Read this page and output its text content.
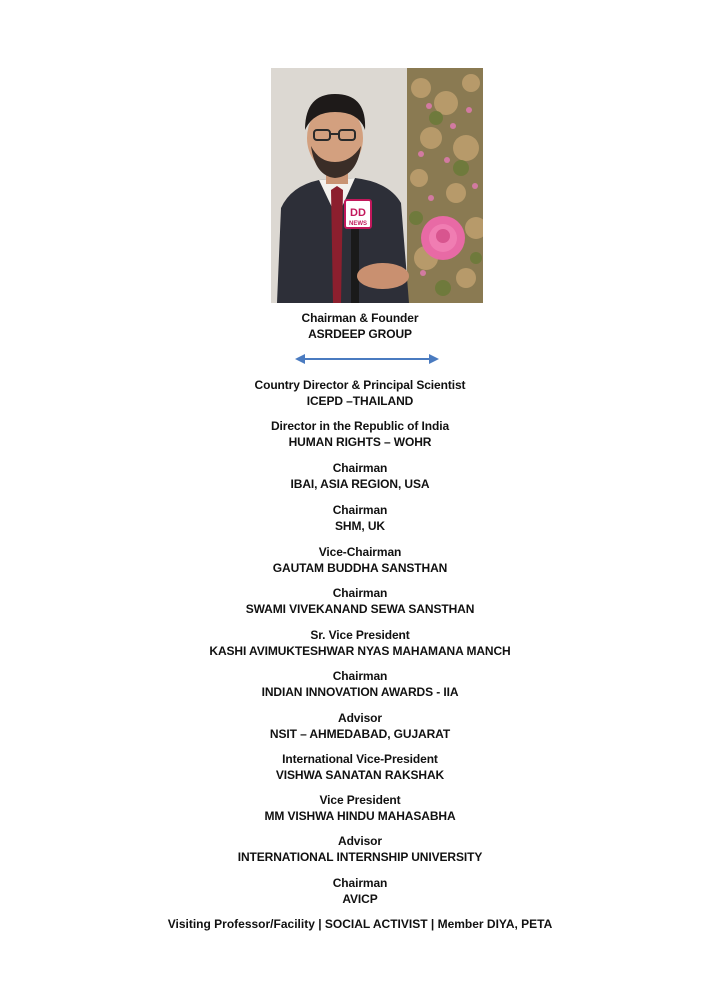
DD
NEWS
Chairman & Founder
ASRDEEP GROUP
Country Director & Principal Scientist
ICEPD –THAILAND
Director in the Republic of India
HUMAN RIGHTS – WOHR
Chairman
IBAI, ASIA REGION, USA
Chairman
SHM, UK
Vice-Chairman
GAUTAM BUDDHA SANSTHAN
Chairman
SWAMI VIVEKANAND SEWA SANSTHAN
Sr. Vice President
KASHI AVIMUKTESHWAR NYAS MAHAMANA MANCH
Chairman
INDIAN INNOVATION AWARDS - IIA
Advisor
NSIT – AHMEDABAD, GUJARAT
International Vice-President
VISHWA SANATAN RAKSHAK
Vice President
MM VISHWA HINDU MAHASABHA
Advisor
INTERNATIONAL INTERNSHIP UNIVERSITY
Chairman
AVICP
Visiting Professor/Facility | SOCIAL ACTIVIST | Member DIYA, PETA
